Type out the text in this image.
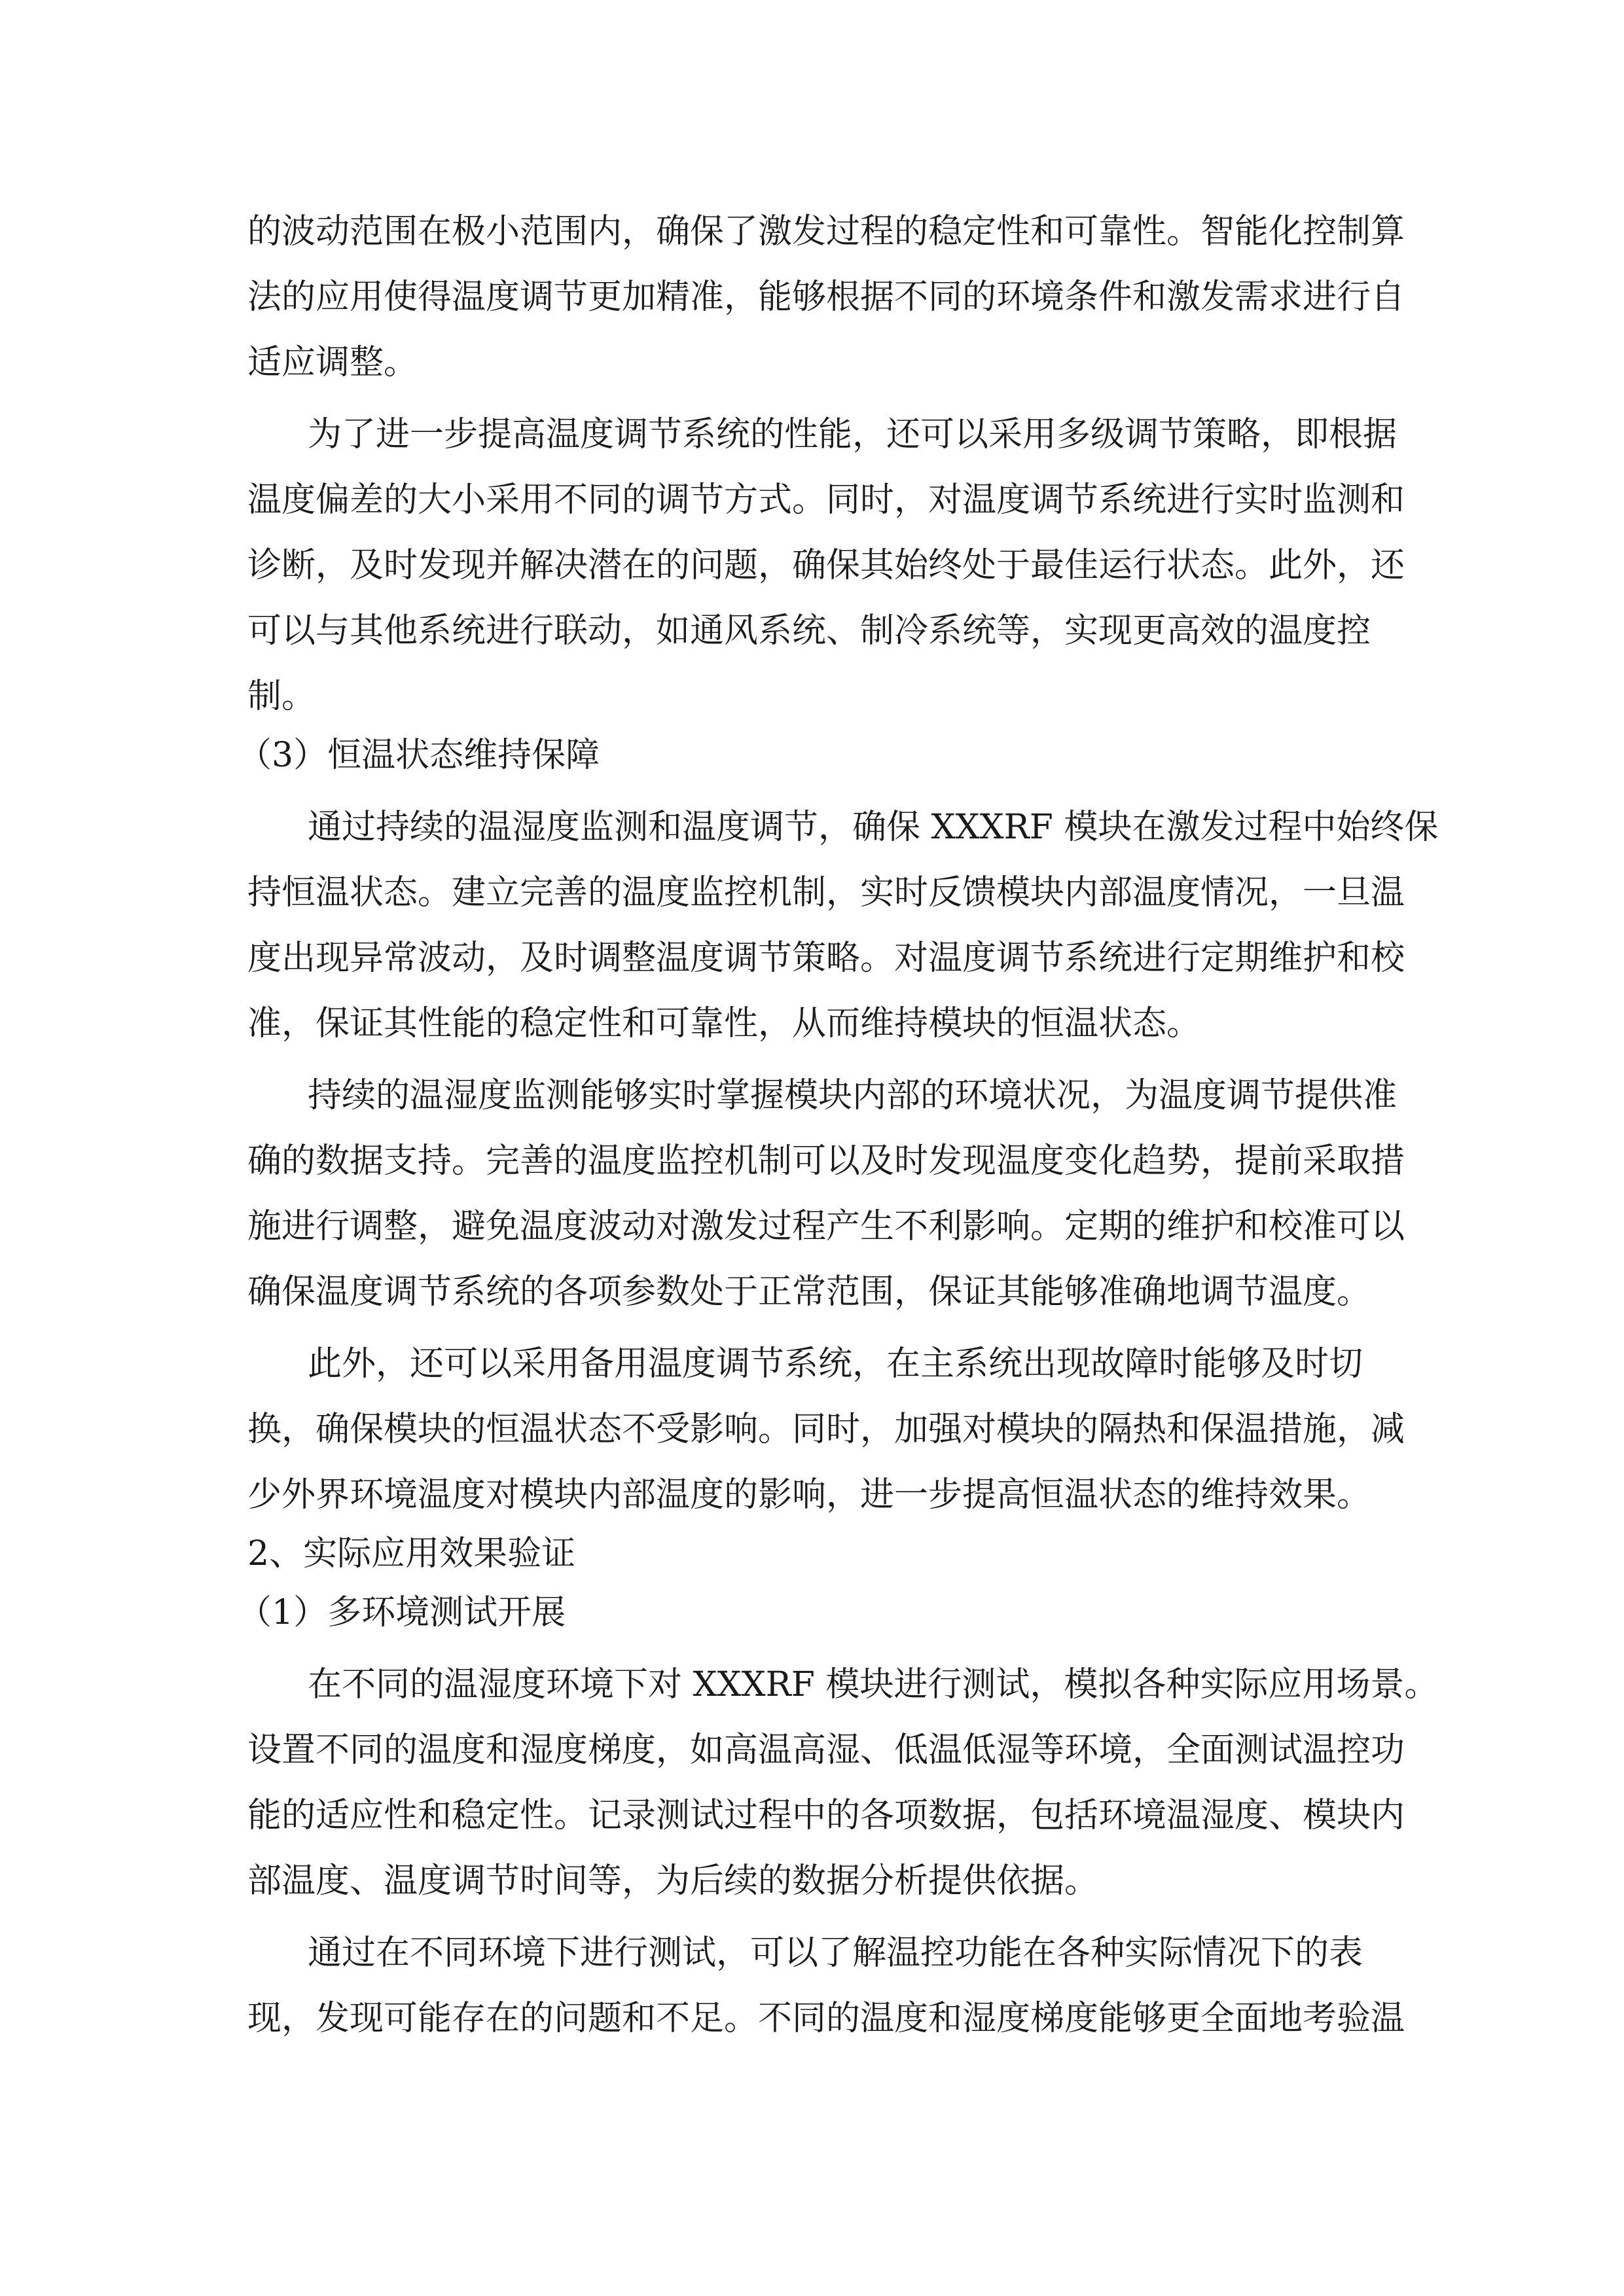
的波动范围在极小范围内，确保了激发过程的稳定性和可靠性。智能化控制算
法的应用使得温度调节更加精准，能够根据不同的环境条件和激发需求进行自
适应调整。
为了进一步提高温度调节系统的性能，还可以采用多级调节策略，即根据
温度偏差的大小采用不同的调节方式。同时，对温度调节系统进行实时监测和
诊断，及时发现并解决潜在的问题，确保其始终处于最佳运行状态。此外，还
可以与其他系统进行联动，如通风系统、制冷系统等，实现更高效的温度控
制。
（3）恒温状态维持保障
通过持续的温湿度监测和温度调节，确保 XXXRF 模块在激发过程中始终保
持恒温状态。建立完善的温度监控机制，实时反馈模块内部温度情况，一旦温
度出现异常波动，及时调整温度调节策略。对温度调节系统进行定期维护和校
准，保证其性能的稳定性和可靠性，从而维持模块的恒温状态。
持续的温湿度监测能够实时掌握模块内部的环境状况，为温度调节提供准
确的数据支持。完善的温度监控机制可以及时发现温度变化趋势，提前采取措
施进行调整，避免温度波动对激发过程产生不利影响。定期的维护和校准可以
确保温度调节系统的各项参数处于正常范围，保证其能够准确地调节温度。
此外，还可以采用备用温度调节系统，在主系统出现故障时能够及时切
换，确保模块的恒温状态不受影响。同时，加强对模块的隔热和保温措施，减
少外界环境温度对模块内部温度的影响，进一步提高恒温状态的维持效果。
2、实际应用效果验证
（1）多环境测试开展
在不同的温湿度环境下对 XXXRF 模块进行测试，模拟各种实际应用场景。
设置不同的温度和湿度梯度，如高温高湿、低温低湿等环境，全面测试温控功
能的适应性和稳定性。记录测试过程中的各项数据，包括环境温湿度、模块内
部温度、温度调节时间等，为后续的数据分析提供依据。
通过在不同环境下进行测试，可以了解温控功能在各种实际情况下的表
现，发现可能存在的问题和不足。不同的温度和湿度梯度能够更全面地考验温
